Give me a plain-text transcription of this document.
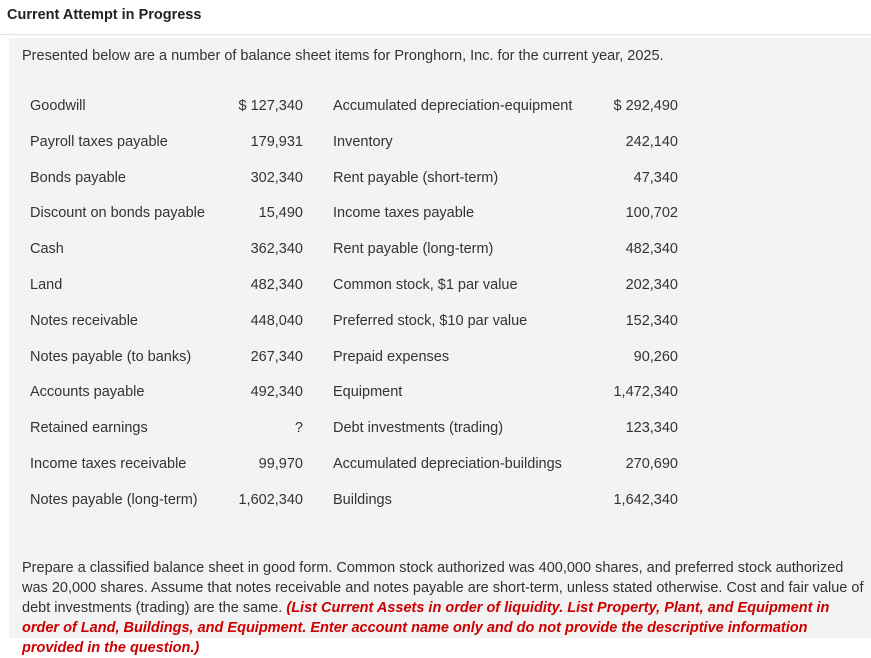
Current Attempt in Progress
Presented below are a number of balance sheet items for Pronghorn, Inc. for the current year, 2025.
Goodwill	$ 127,340 Accumulated depreciation-equipment	$ 292,490
Payroll taxes payable	179,931 Inventory	242,140
Bonds payable	302,340 Rent payable (short-term)	47,340
Discount on bonds payable	15,490 Income taxes payable	100,702
Cash	362,340 Rent payable (long-term)	482,340
Land	482,340 Common stock, $1 par value	202,340
Notes receivable	448,040 Preferred stock, $10 par value	152,340
Notes payable (to banks)	267,340 Prepaid expenses	90,260
Accounts payable	492,340 Equipment	1,472,340
Retained earnings	? Debt investments (trading)	123,340
Income taxes receivable	99,970 Accumulated depreciation-buildings	270,690
Notes payable (long-term)	1,602,340 Buildings	1,642,340
Prepare a classified balance sheet in good form. Common stock authorized was 400,000 shares, and preferred stock authorized was 20,000 shares. Assume that notes receivable and notes payable are short-term, unless stated otherwise. Cost and fair value of debt investments (trading) are the same. (List Current Assets in order of liquidity. List Property, Plant, and Equipment in order of Land, Buildings, and Equipment. Enter account name only and do not provide the descriptive information provided in the question.)
